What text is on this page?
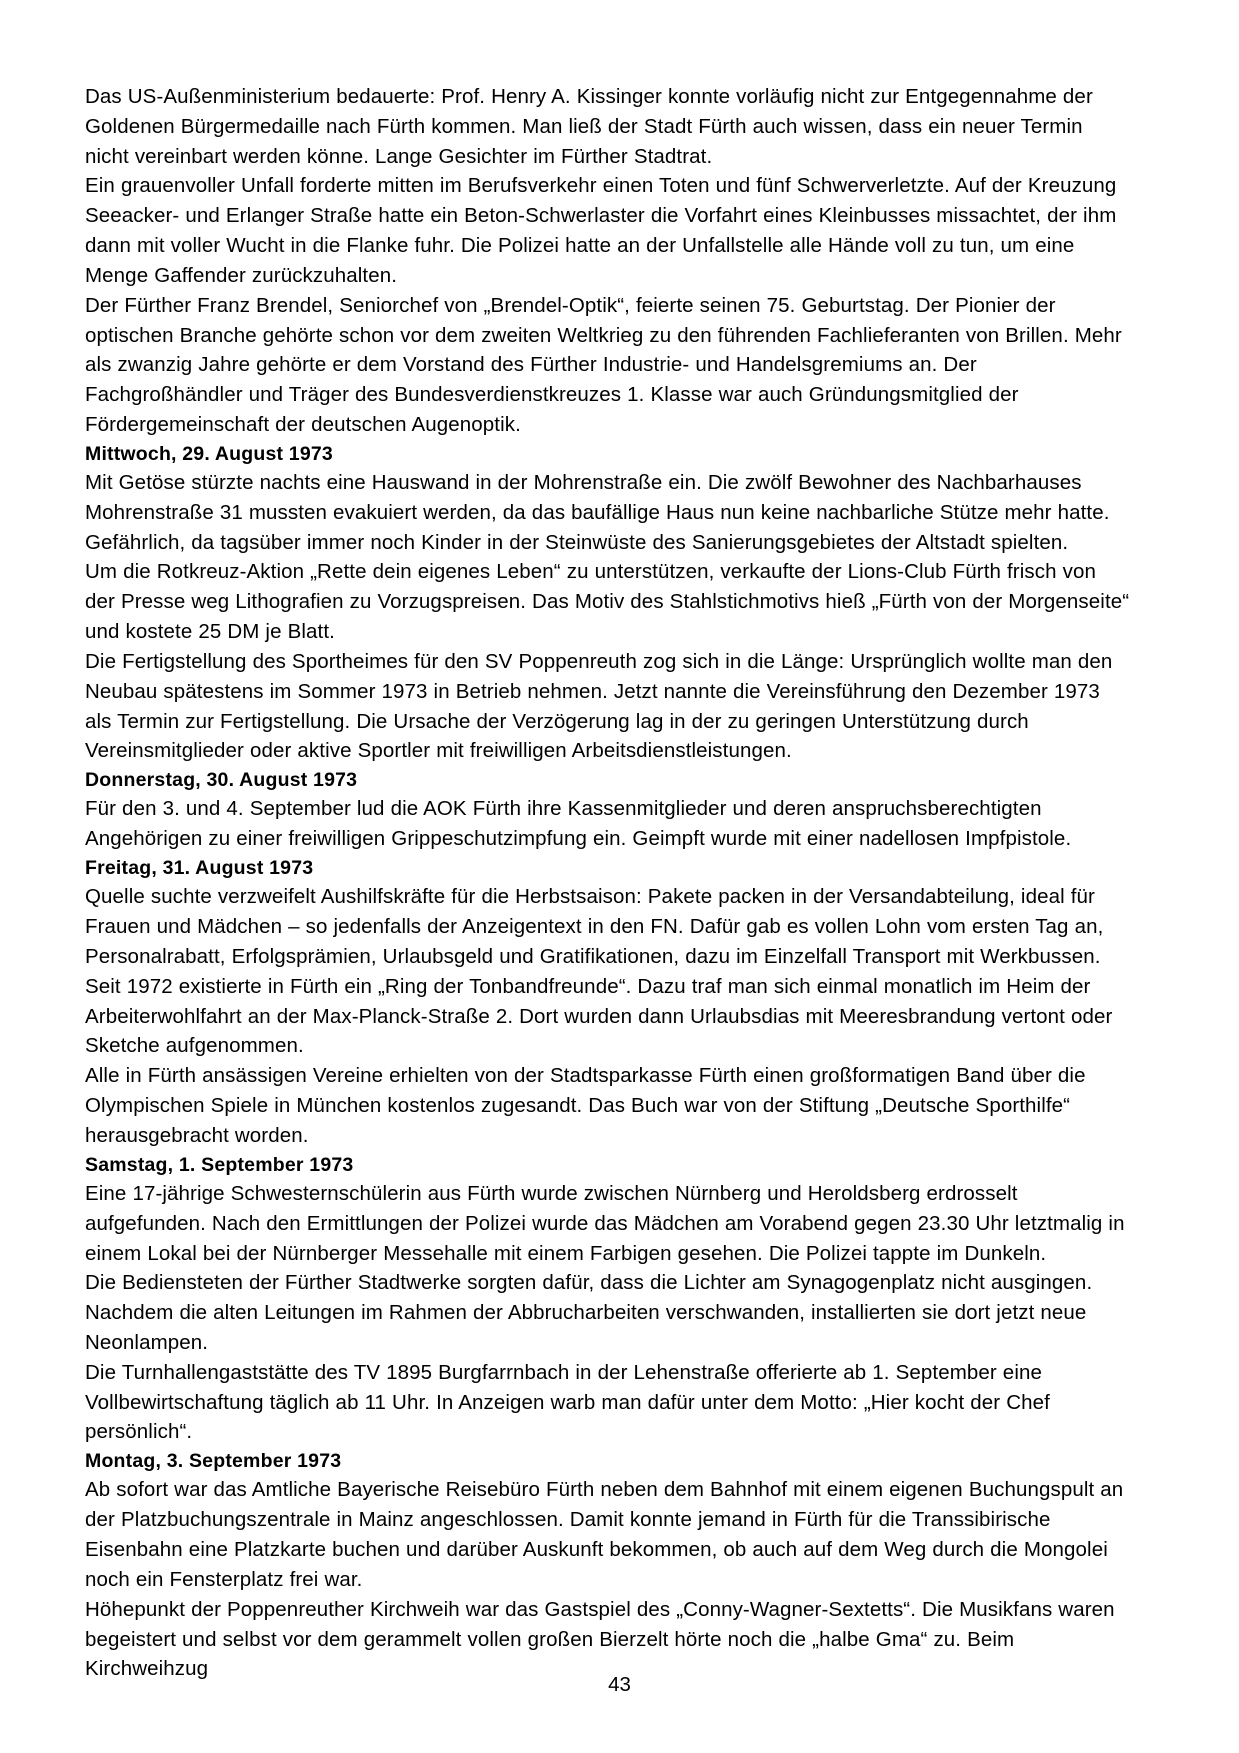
Das US-Außenministerium bedauerte: Prof. Henry A. Kissinger konnte vorläufig nicht zur Entgegennahme der Goldenen Bürgermedaille nach Fürth kommen. Man ließ der Stadt Fürth auch wissen, dass ein neuer Termin nicht vereinbart werden könne. Lange Gesichter im Fürther Stadtrat.

Ein grauenvoller Unfall forderte mitten im Berufsverkehr einen Toten und fünf Schwerverletzte. Auf der Kreuzung Seeacker- und Erlanger Straße hatte ein Beton-Schwerlaster die Vorfahrt eines Kleinbusses missachtet, der ihm dann mit voller Wucht in die Flanke fuhr. Die Polizei hatte an der Unfallstelle alle Hände voll zu tun, um eine Menge Gaffender zurückzuhalten.

Der Fürther Franz Brendel, Seniorchef von „Brendel-Optik“, feierte seinen 75. Geburtstag. Der Pionier der optischen Branche gehörte schon vor dem zweiten Weltkrieg zu den führenden Fachlieferanten von Brillen. Mehr als zwanzig Jahre gehörte er dem Vorstand des Fürther Industrie- und Handelsgremiums an. Der Fachgroßhändler und Träger des Bundesverdienstkreuzes 1. Klasse war auch Gründungsmitglied der Fördergemeinschaft der deutschen Augenoptik.

Mittwoch, 29. August 1973

Mit Getöse stürzte nachts eine Hauswand in der Mohrenstraße ein. Die zwölf Bewohner des Nachbarhauses Mohrenstraße 31 mussten evakuiert werden, da das baufällige Haus nun keine nachbarliche Stütze mehr hatte. Gefährlich, da tagsüber immer noch Kinder in der Steinwüste des Sanierungsgebietes der Altstadt spielten.

Um die Rotkreuz-Aktion „Rette dein eigenes Leben“ zu unterstützen, verkaufte der Lions-Club Fürth frisch von der Presse weg Lithografien zu Vorzugspreisen. Das Motiv des Stahlstichmotivs hieß „Fürth von der Morgenseite“ und kostete 25 DM je Blatt.

Die Fertigstellung des Sportheimes für den SV Poppenreuth zog sich in die Länge: Ursprünglich wollte man den Neubau spätestens im Sommer 1973 in Betrieb nehmen. Jetzt nannte die Vereinsführung den Dezember 1973 als Termin zur Fertigstellung. Die Ursache der Verzögerung lag in der zu geringen Unterstützung durch Vereinsmitglieder oder aktive Sportler mit freiwilligen Arbeitsdienstleistungen.

Donnerstag, 30. August 1973

Für den 3. und 4. September lud die AOK Fürth ihre Kassenmitglieder und deren anspruchsberechtigten Angehörigen zu einer freiwilligen Grippeschutzimpfung ein. Geimpft wurde mit einer nadellosen Impfpistole.

Freitag, 31. August 1973

Quelle suchte verzweifelt Aushilfskräfte für die Herbstsaison: Pakete packen in der Versandabteilung, ideal für Frauen und Mädchen – so jedenfalls der Anzeigentext in den FN. Dafür gab es vollen Lohn vom ersten Tag an, Personalrabatt, Erfolgsprämien, Urlaubsgeld und Gratifikationen, dazu im Einzelfall Transport mit Werkbussen.

Seit 1972 existierte in Fürth ein „Ring der Tonbandfreunde“. Dazu traf man sich einmal monatlich im Heim der Arbeiterwohlfahrt an der Max-Planck-Straße 2. Dort wurden dann Urlaubsdias mit Meeresbrandung vertont oder Sketche aufgenommen.

Alle in Fürth ansässigen Vereine erhielten von der Stadtsparkasse Fürth einen großformatigen Band über die Olympischen Spiele in München kostenlos zugesandt. Das Buch war von der Stiftung „Deutsche Sporthilfe“ herausgebracht worden.

Samstag, 1. September 1973

Eine 17-jährige Schwesternschülerin aus Fürth wurde zwischen Nürnberg und Heroldsberg erdrosselt aufgefunden. Nach den Ermittlungen der Polizei wurde das Mädchen am Vorabend gegen 23.30 Uhr letztmalig in einem Lokal bei der Nürnberger Messehalle mit einem Farbigen gesehen. Die Polizei tappte im Dunkeln.

Die Bediensteten der Fürther Stadtwerke sorgten dafür, dass die Lichter am Synagogenplatz nicht ausgingen. Nachdem die alten Leitungen im Rahmen der Abbrucharbeiten verschwanden, installierten sie dort jetzt neue Neonlampen.

Die Turnhallengaststätte des TV 1895 Burgfarrnbach in der Lehenstraße offerierte ab 1. September eine Vollbewirtschaftung täglich ab 11 Uhr. In Anzeigen warb man dafür unter dem Motto: „Hier kocht der Chef persönlich“.

Montag, 3. September 1973

Ab sofort war das Amtliche Bayerische Reisebüro Fürth neben dem Bahnhof mit einem eigenen Buchungspult an der Platzbuchungszentrale in Mainz angeschlossen. Damit konnte jemand in Fürth für die Transsibirische Eisenbahn eine Platzkarte buchen und darüber Auskunft bekommen, ob auch auf dem Weg durch die Mongolei noch ein Fensterplatz frei war.

Höhepunkt der Poppenreuther Kirchweih war das Gastspiel des „Conny-Wagner-Sextetts“. Die Musikfans waren begeistert und selbst vor dem gerammelt vollen großen Bierzelt hörte noch die „halbe Gma“ zu. Beim Kirchweihzug

43
